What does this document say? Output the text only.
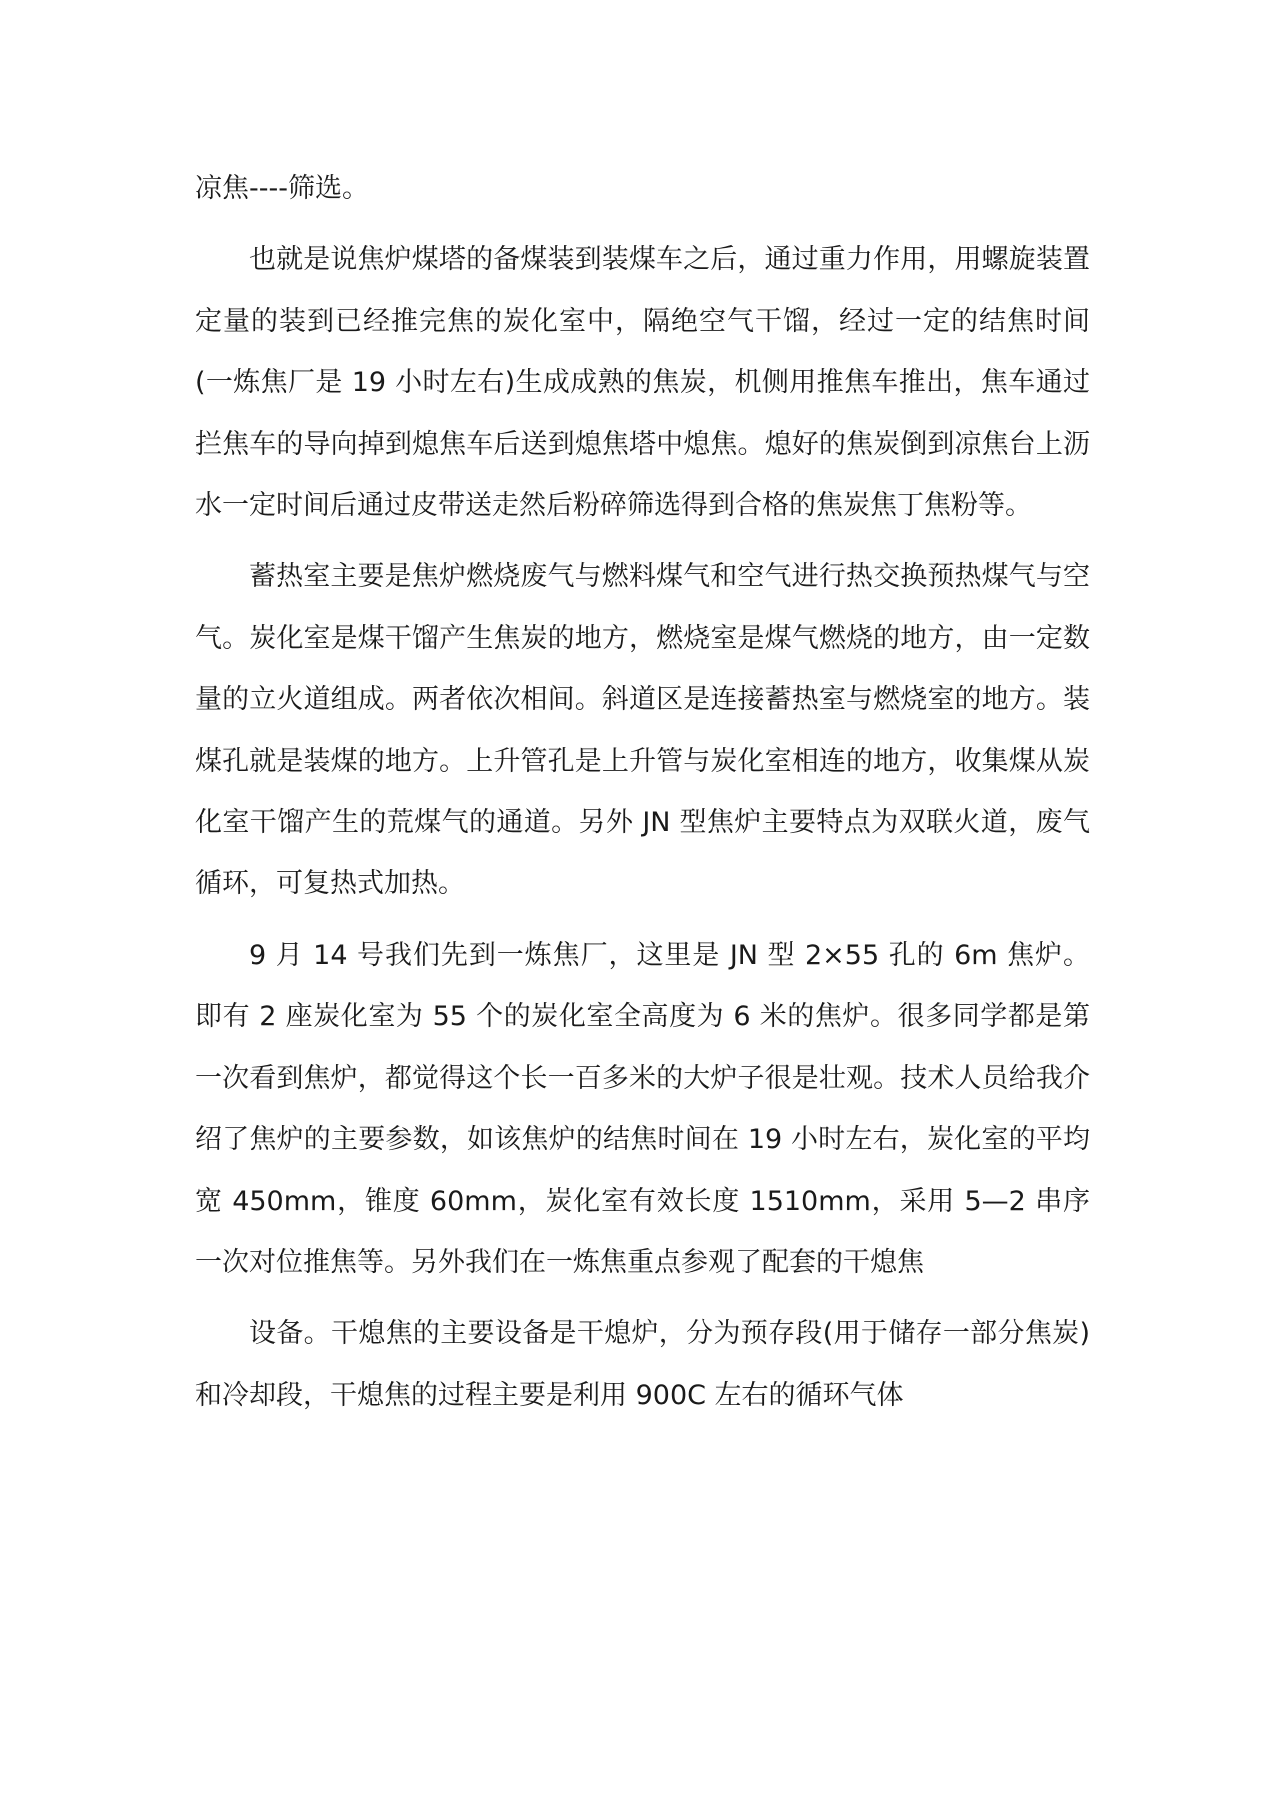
凉焦----筛选。

也就是说焦炉煤塔的备煤装到装煤车之后，通过重力作用，用螺旋装置定量的装到已经推完焦的炭化室中，隔绝空气干馏，经过一定的结焦时间(一炼焦厂是 19 小时左右)生成成熟的焦炭，机侧用推焦车推出，焦车通过拦焦车的导向掉到熄焦车后送到熄焦塔中熄焦。熄好的焦炭倒到凉焦台上沥水一定时间后通过皮带送走然后粉碎筛选得到合格的焦炭焦丁焦粉等。

蓄热室主要是焦炉燃烧废气与燃料煤气和空气进行热交换预热煤气与空气。炭化室是煤干馏产生焦炭的地方，燃烧室是煤气燃烧的地方，由一定数量的立火道组成。两者依次相间。斜道区是连接蓄热室与燃烧室的地方。装煤孔就是装煤的地方。上升管孔是上升管与炭化室相连的地方，收集煤从炭化室干馏产生的荒煤气的通道。另外 JN 型焦炉主要特点为双联火道，废气循环，可复热式加热。

9 月 14 号我们先到一炼焦厂，这里是 JN 型 2×55 孔的 6m 焦炉。即有 2 座炭化室为 55 个的炭化室全高度为 6 米的焦炉。很多同学都是第一次看到焦炉，都觉得这个长一百多米的大炉子很是壮观。技术人员给我介绍了焦炉的主要参数，如该焦炉的结焦时间在 19 小时左右，炭化室的平均宽 450mm，锥度 60mm，炭化室有效长度 1510mm，采用 5—2 串序一次对位推焦等。另外我们在一炼焦重点参观了配套的干熄焦

设备。干熄焦的主要设备是干熄炉，分为预存段(用于储存一部分焦炭)和冷却段，干熄焦的过程主要是利用 900C 左右的循环气体
